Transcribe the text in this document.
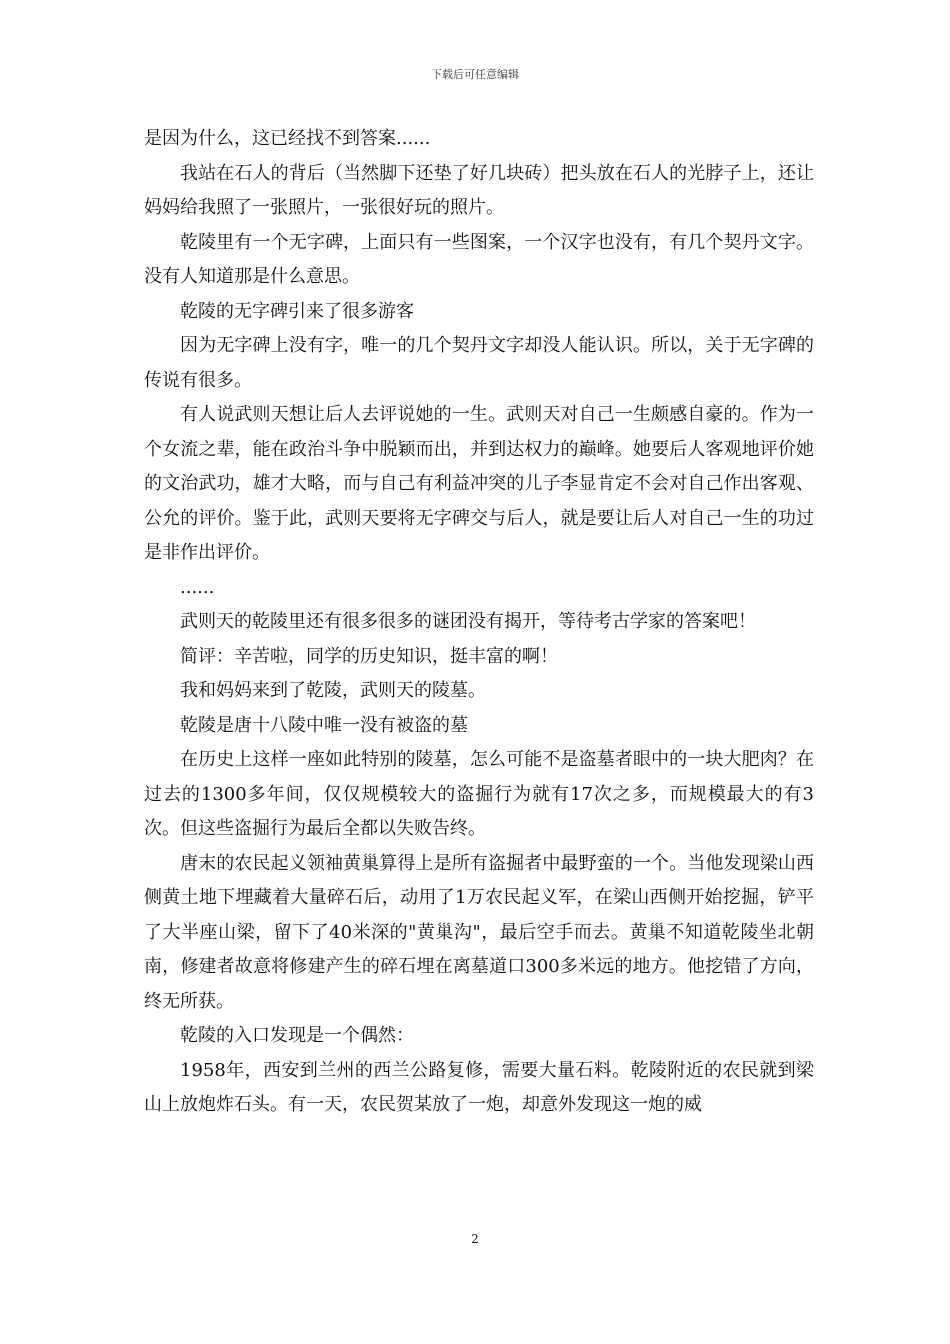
下载后可任意编辑

是因为什么，这已经找不到答案......

我站在石人的背后（当然脚下还垫了好几块砖）把头放在石人的光脖子上，还让妈妈给我照了一张照片，一张很好玩的照片。

乾陵里有一个无字碑，上面只有一些图案，一个汉字也没有，有几个契丹文字。没有人知道那是什么意思。

乾陵的无字碑引来了很多游客

因为无字碑上没有字，唯一的几个契丹文字却没人能认识。所以，关于无字碑的传说有很多。

有人说武则天想让后人去评说她的一生。武则天对自己一生颇感自豪的。作为一个女流之辈，能在政治斗争中脱颖而出，并到达权力的巅峰。她要后人客观地评价她的文治武功，雄才大略，而与自己有利益冲突的儿子李显肯定不会对自己作出客观、公允的评价。鉴于此，武则天要将无字碑交与后人，就是要让后人对自己一生的功过是非作出评价。

......

武则天的乾陵里还有很多很多的谜团没有揭开，等待考古学家的答案吧！

简评：辛苦啦，同学的历史知识，挺丰富的啊！

我和妈妈来到了乾陵，武则天的陵墓。

乾陵是唐十八陵中唯一没有被盗的墓

在历史上这样一座如此特别的陵墓，怎么可能不是盗墓者眼中的一块大肥肉？在过去的1300多年间，仅仅规模较大的盗掘行为就有17次之多，而规模最大的有3次。但这些盗掘行为最后全都以失败告终。

唐末的农民起义领袖黄巢算得上是所有盗掘者中最野蛮的一个。当他发现梁山西侧黄土地下埋藏着大量碎石后，动用了1万农民起义军，在梁山西侧开始挖掘，铲平了大半座山梁，留下了40米深的"黄巢沟"，最后空手而去。黄巢不知道乾陵坐北朝南，修建者故意将修建产生的碎石埋在离墓道口300多米远的地方。他挖错了方向，终无所获。

乾陵的入口发现是一个偶然：

1958年，西安到兰州的西兰公路复修，需要大量石料。乾陵附近的农民就到梁山上放炮炸石头。有一天，农民贺某放了一炮，却意外发现这一炮的威

2
